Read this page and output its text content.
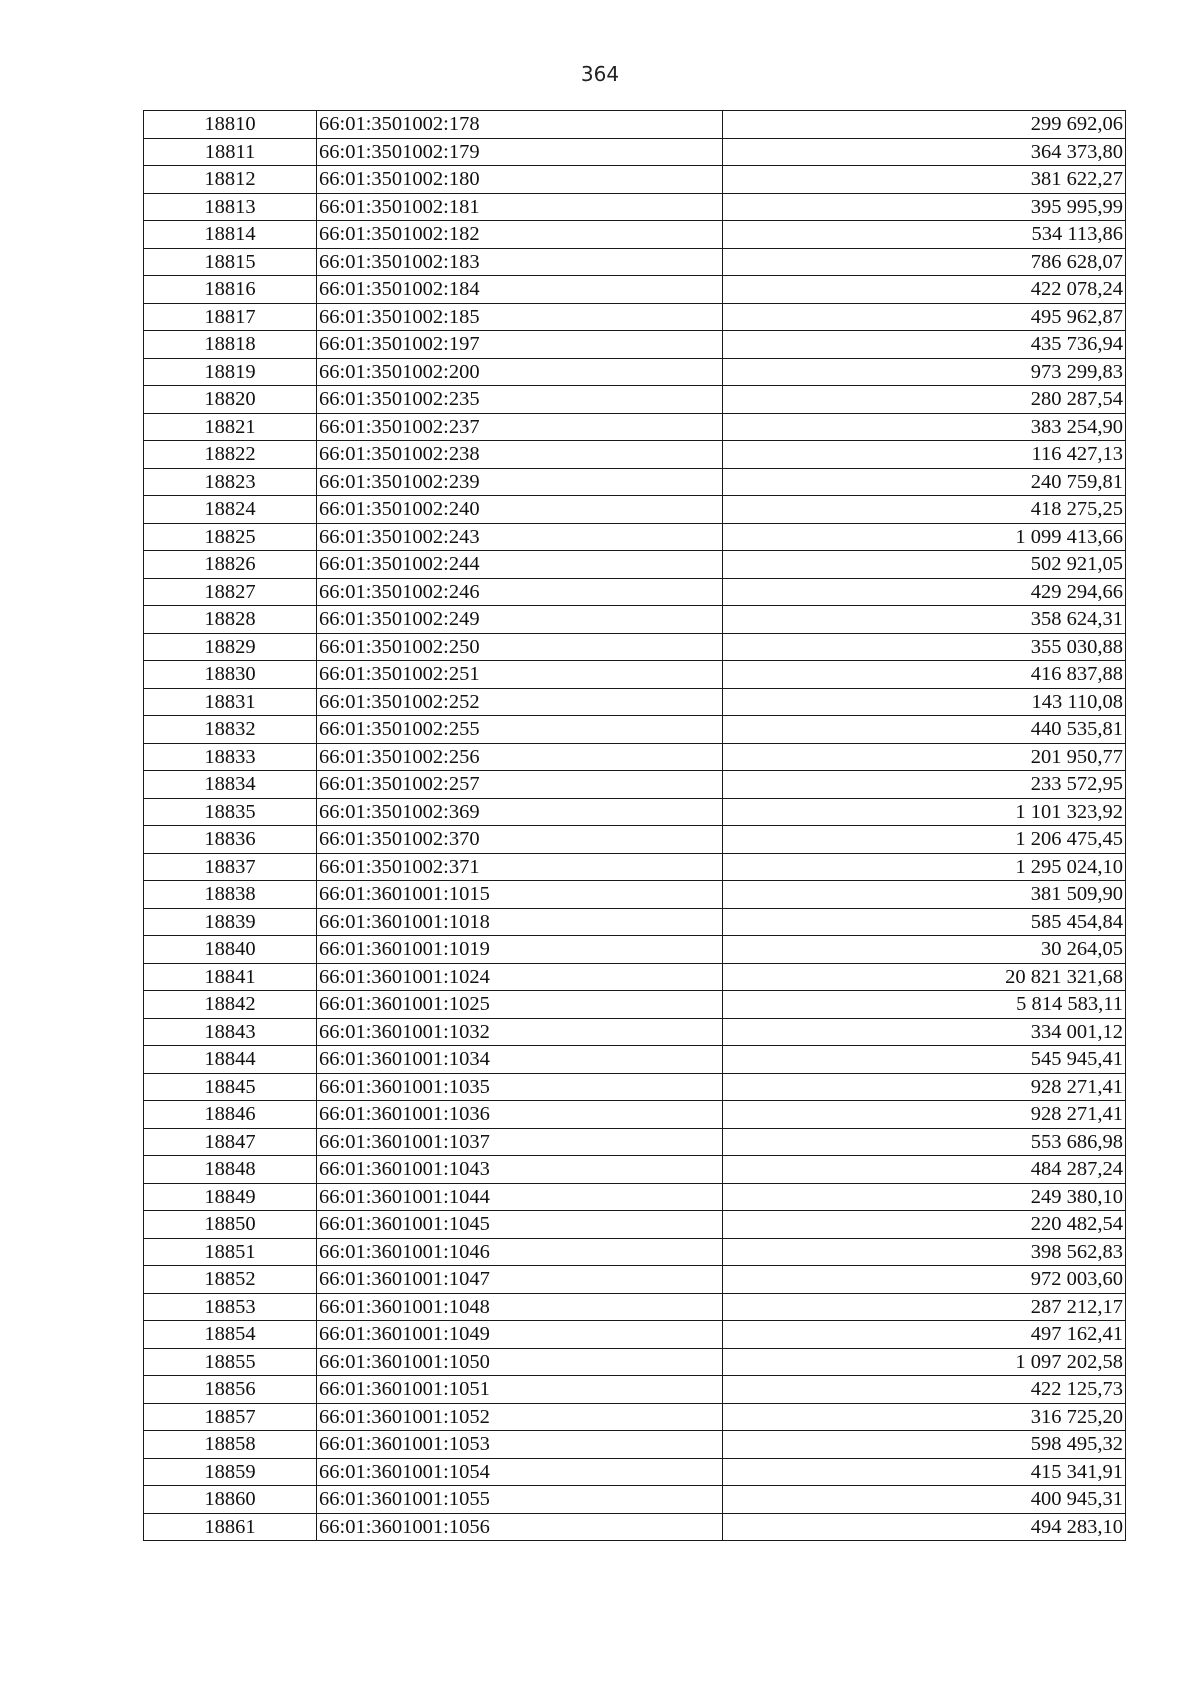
364
18810	66:01:3501002:178	299 692,06
18811	66:01:3501002:179	364 373,80
18812	66:01:3501002:180	381 622,27
18813	66:01:3501002:181	395 995,99
18814	66:01:3501002:182	534 113,86
18815	66:01:3501002:183	786 628,07
18816	66:01:3501002:184	422 078,24
18817	66:01:3501002:185	495 962,87
18818	66:01:3501002:197	435 736,94
18819	66:01:3501002:200	973 299,83
18820	66:01:3501002:235	280 287,54
18821	66:01:3501002:237	383 254,90
18822	66:01:3501002:238	116 427,13
18823	66:01:3501002:239	240 759,81
18824	66:01:3501002:240	418 275,25
18825	66:01:3501002:243	1 099 413,66
18826	66:01:3501002:244	502 921,05
18827	66:01:3501002:246	429 294,66
18828	66:01:3501002:249	358 624,31
18829	66:01:3501002:250	355 030,88
18830	66:01:3501002:251	416 837,88
18831	66:01:3501002:252	143 110,08
18832	66:01:3501002:255	440 535,81
18833	66:01:3501002:256	201 950,77
18834	66:01:3501002:257	233 572,95
18835	66:01:3501002:369	1 101 323,92
18836	66:01:3501002:370	1 206 475,45
18837	66:01:3501002:371	1 295 024,10
18838	66:01:3601001:1015	381 509,90
18839	66:01:3601001:1018	585 454,84
18840	66:01:3601001:1019	30 264,05
18841	66:01:3601001:1024	20 821 321,68
18842	66:01:3601001:1025	5 814 583,11
18843	66:01:3601001:1032	334 001,12
18844	66:01:3601001:1034	545 945,41
18845	66:01:3601001:1035	928 271,41
18846	66:01:3601001:1036	928 271,41
18847	66:01:3601001:1037	553 686,98
18848	66:01:3601001:1043	484 287,24
18849	66:01:3601001:1044	249 380,10
18850	66:01:3601001:1045	220 482,54
18851	66:01:3601001:1046	398 562,83
18852	66:01:3601001:1047	972 003,60
18853	66:01:3601001:1048	287 212,17
18854	66:01:3601001:1049	497 162,41
18855	66:01:3601001:1050	1 097 202,58
18856	66:01:3601001:1051	422 125,73
18857	66:01:3601001:1052	316 725,20
18858	66:01:3601001:1053	598 495,32
18859	66:01:3601001:1054	415 341,91
18860	66:01:3601001:1055	400 945,31
18861	66:01:3601001:1056	494 283,10
